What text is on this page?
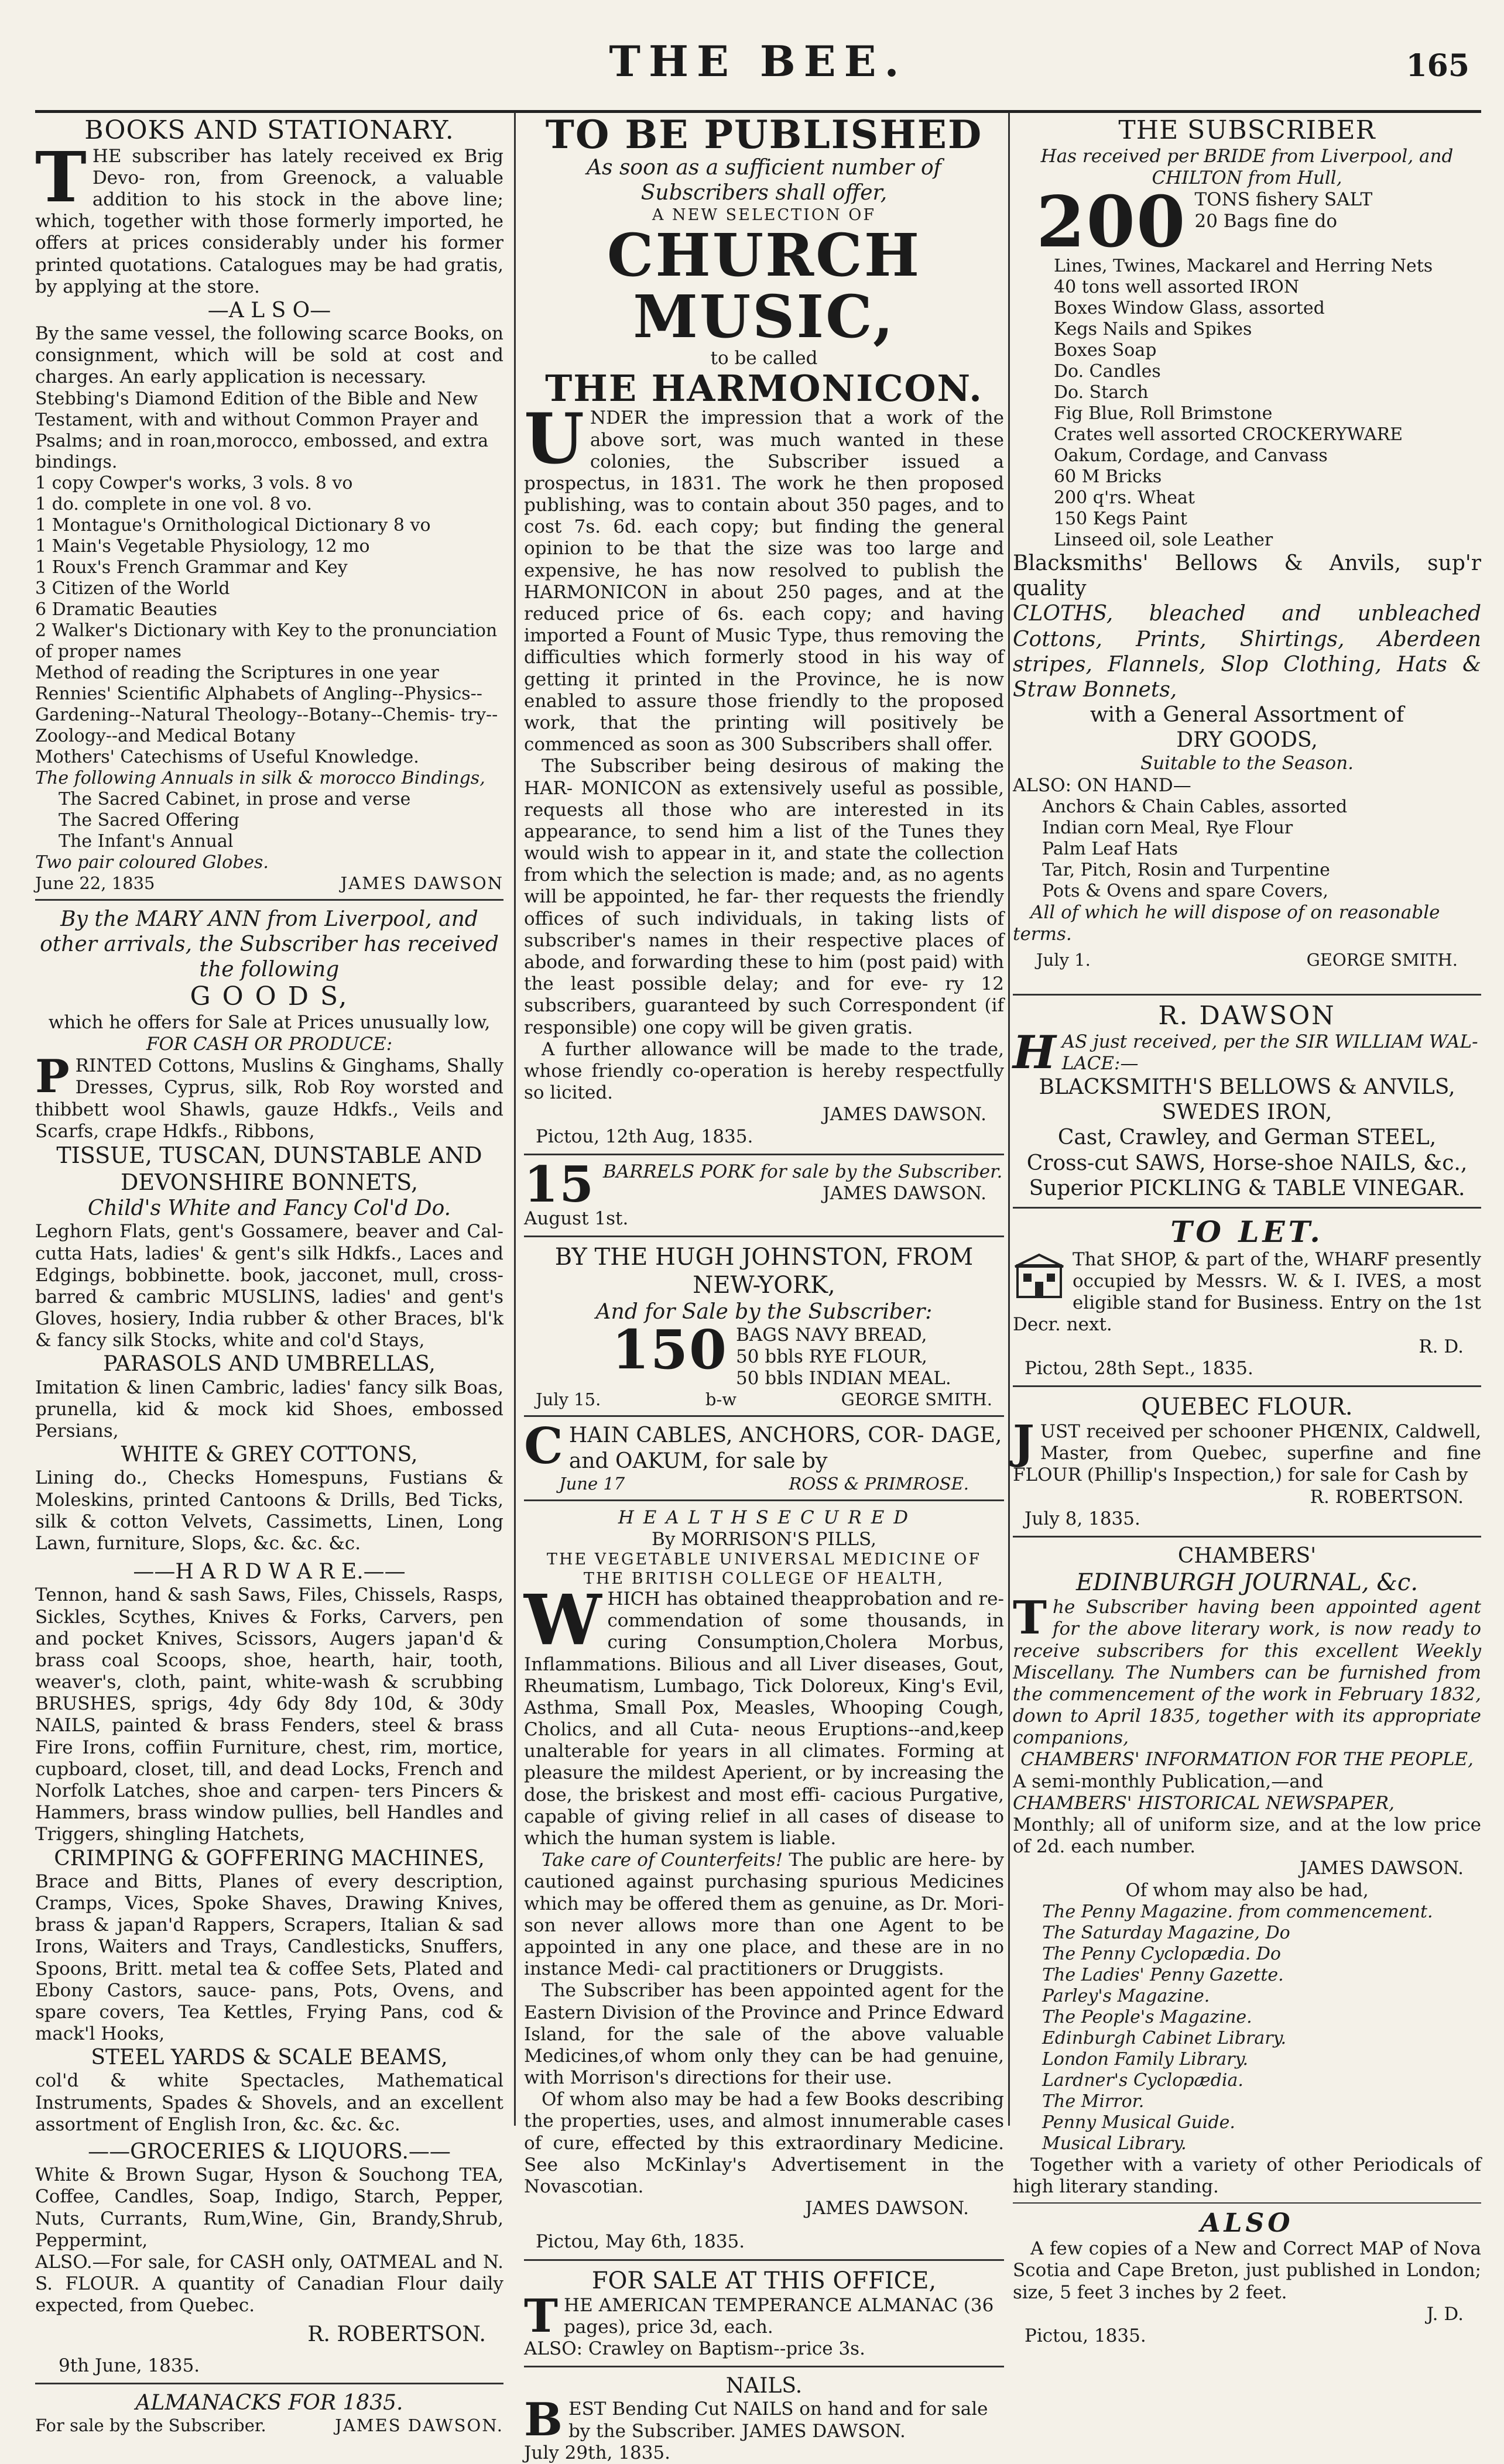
THE BEE.	165
BOOKS AND STATIONARY.

THE subscriber has lately received ex Brig Devo- ron, from Greenock, a valuable addition to his stock in the above line; which, together with those formerly imported, he offers at prices considerably under his former printed quotations. Catalogues may be had gratis, by applying at the store.

—A L S O—

By the same vessel, the following scarce Books, on consignment, which will be sold at cost and charges. An early application is necessary.

Stebbing's Diamond Edition of the Bible and New Testament, with and without Common Prayer and Psalms; and in roan,morocco, embossed, and extra bindings.
1 copy Cowper's works, 3 vols. 8 vo
1 do. complete in one vol. 8 vo.
1 Montague's Ornithological Dictionary 8 vo
1 Main's Vegetable Physiology, 12 mo
1 Roux's French Grammar and Key
3 Citizen of the World
6 Dramatic Beauties
2 Walker's Dictionary with Key to the pronunciation of proper names
Method of reading the Scriptures in one year
Rennies' Scientific Alphabets of Angling--Physics-- Gardening--Natural Theology--Botany--Chemis- try--Zoology--and Medical Botany
Mothers' Catechisms of Useful Knowledge.
The following Annuals in silk & morocco Bindings,
The Sacred Cabinet, in prose and verse
The Sacred Offering
The Infant's Annual
Two pair coloured Globes.
June 22, 1835	JAMES DAWSON

By the MARY ANN from Liverpool, and other arrivals, the Subscriber has received the following

G O O D S,

which he offers for Sale at Prices unusually low,

FOR CASH OR PRODUCE:

PRINTED Cottons, Muslins & Ginghams, Shally Dresses, Cyprus, silk, Rob Roy worsted and thibbett wool Shawls, gauze Hdkfs., Veils and Scarfs, crape Hdkfs., Ribbons,

TISSUE, TUSCAN, DUNSTABLE AND DEVONSHIRE BONNETS,
Child's White and Fancy Col'd Do.

Leghorn Flats, gent's Gossamere, beaver and Cal- cutta Hats, ladies' & gent's silk Hdkfs., Laces and Edgings, bobbinette. book, jacconet, mull, cross- barred & cambric MUSLINS, ladies' and gent's Gloves, hosiery, India rubber & other Braces, bl'k & fancy silk Stocks, white and col'd Stays,

PARASOLS AND UMBRELLAS,

Imitation & linen Cambric, ladies' fancy silk Boas, prunella, kid & mock kid Shoes, embossed Persians,

WHITE & GREY COTTONS,

Lining do., Checks Homespuns, Fustians & Moleskins, printed Cantoons & Drills, Bed Ticks, silk & cotton Velvets, Cassimetts, Linen, Long Lawn, furniture, Slops, &c. &c. &c.

——H A R D W A R E.——

Tennon, hand & sash Saws, Files, Chissels, Rasps, Sickles, Scythes, Knives & Forks, Carvers, pen and pocket Knives, Scissors, Augers japan'd & brass coal Scoops, shoe, hearth, hair, tooth, weaver's, cloth, paint, white-wash & scrubbing BRUSHES, sprigs, 4dy 6dy 8dy 10d, & 30dy NAILS, painted & brass Fenders, steel & brass Fire Irons, coffiin Furniture, chest, rim, mortice, cupboard, closet, till, and dead Locks, French and Norfolk Latches, shoe and carpen- ters Pincers & Hammers, brass window pullies, bell Handles and Triggers, shingling Hatchets,

CRIMPING & GOFFERING MACHINES,

Brace and Bitts, Planes of every description, Cramps, Vices, Spoke Shaves, Drawing Knives, brass & japan'd Rappers, Scrapers, Italian & sad Irons, Waiters and Trays, Candlesticks, Snuffers, Spoons, Britt. metal tea & coffee Sets, Plated and Ebony Castors, sauce- pans, Pots, Ovens, and spare covers, Tea Kettles, Frying Pans, cod & mack'l Hooks,

STEEL YARDS & SCALE BEAMS,

col'd & white Spectacles, Mathematical Instruments, Spades & Shovels, and an excellent assortment of English Iron, &c. &c. &c.

——GROCERIES & LIQUORS.——

White & Brown Sugar, Hyson & Souchong TEA, Coffee, Candles, Soap, Indigo, Starch, Pepper, Nuts, Currants, Rum,Wine, Gin, Brandy,Shrub, Peppermint,

ALSO.—For sale, for CASH only, OATMEAL and N. S. FLOUR. A quantity of Canadian Flour daily expected, from Quebec.

R. ROBERTSON.
9th June, 1835.
ALMANACKS FOR 1835.
For sale by the Subscriber.	JAMES DAWSON.
TO BE PUBLISHED
As soon as a sufficient number of Subscribers shall offer,
A NEW SELECTION OF
CHURCH MUSIC,
to be called
THE HARMONICON.

UNDER the impression that a work of the above sort, was much wanted in these colonies, the Subscriber issued a prospectus, in 1831. The work he then proposed publishing, was to contain about 350 pages, and to cost 7s. 6d. each copy; but finding the general opinion to be that the size was too large and expensive, he has now resolved to publish the HARMONICON in about 250 pages, and at the reduced price of 6s. each copy; and having imported a Fount of Music Type, thus removing the difficulties which formerly stood in his way of getting it printed in the Province, he is now enabled to assure those friendly to the proposed work, that the printing will positively be commenced as soon as 300 Subscribers shall offer.

The Subscriber being desirous of making the HAR- MONICON as extensively useful as possible, requests all those who are interested in its appearance, to send him a list of the Tunes they would wish to appear in it, and state the collection from which the selection is made; and, as no agents will be appointed, he far- ther requests the friendly offices of such individuals, in taking lists of subscriber's names in their respective places of abode, and forwarding these to him (post paid) with the least possible delay; and for eve- ry 12 subscribers, guaranteed by such Correspondent (if responsible) one copy will be given gratis.

A further allowance will be made to the trade, whose friendly co-operation is hereby respectfully so licited.

JAMES DAWSON.
Pictou, 12th Aug, 1835.
15 BARRELS PORK for sale by the Subscriber.

JAMES DAWSON.
August 1st.
BY THE HUGH JOHNSTON, FROM NEW-YORK,
And for Sale by the Subscriber:
150 BAGS NAVY BREAD,
50 bbls RYE FLOUR,
50 bbls INDIAN MEAL.
July 15.	b-w	GEORGE SMITH.

CHAIN CABLES, ANCHORS, COR- DAGE, and OAKUM, for sale by

June 17	ROSS & PRIMROSE.
H E A L T H S E C U R E D
By MORRISON'S PILLS,
THE VEGETABLE UNIVERSAL MEDICINE OF THE BRITISH COLLEGE OF HEALTH,

WHICH has obtained theapprobation and re- commendation of some thousands, in curing Consumption,Cholera Morbus, Inflammations. Bilious and all Liver diseases, Gout, Rheumatism, Lumbago, Tick Doloreux, King's Evil, Asthma, Small Pox, Measles, Whooping Cough, Cholics, and all Cuta- neous Eruptions--and,keep unalterable for years in all climates. Forming at pleasure the mildest Aperient, or by increasing the dose, the briskest and most effi- cacious Purgative, capable of giving relief in all cases of disease to which the human system is liable.

Take care of Counterfeits! The public are here- by cautioned against purchasing spurious Medicines which may be offered them as genuine, as Dr. Mori- son never allows more than one Agent to be appointed in any one place, and these are in no instance Medi- cal practitioners or Druggists.

The Subscriber has been appointed agent for the Eastern Division of the Province and Prince Edward Island, for the sale of the above valuable Medicines,of whom only they can be had genuine, with Morrison's directions for their use.

Of whom also may be had a few Books describing the properties, uses, and almost innumerable cases of cure, effected by this extraordinary Medicine. See also McKinlay's Advertisement in the Novascotian.

JAMES DAWSON.
Pictou, May 6th, 1835.
FOR SALE AT THIS OFFICE,

THE AMERICAN TEMPERANCE ALMANAC (36 pages), price 3d, each.

ALSO: Crawley on Baptism--price 3s.

NAILS.

BEST Bending Cut NAILS on hand and for sale by the Subscriber. JAMES DAWSON.

July 29th, 1835.
THE SUBSCRIBER

Has received per BRIDE from Liverpool, and CHILTON from Hull,

200 TONS fishery SALT
20 Bags fine do
Lines, Twines, Mackarel and Herring Nets
40 tons well assorted IRON
Boxes Window Glass, assorted
Kegs Nails and Spikes
Boxes Soap
Do. Candles
Do. Starch
Fig Blue, Roll Brimstone
Crates well assorted CROCKERYWARE
Oakum, Cordage, and Canvass
60 M Bricks
200 q'rs. Wheat
150 Kegs Paint
Linseed oil, sole Leather

Blacksmiths' Bellows & Anvils, sup'r quality

CLOTHS, bleached and unbleached Cottons, Prints, Shirtings, Aberdeen stripes, Flannels, Slop Clothing, Hats & Straw Bonnets,

with a General Assortment of
DRY GOODS,
Suitable to the Season.
ALSO: ON HAND—
Anchors & Chain Cables, assorted
Indian corn Meal, Rye Flour
Palm Leaf Hats
Tar, Pitch, Rosin and Turpentine
Pots & Ovens and spare Covers,

All of which he will dispose of on reasonable terms.

July 1.	GEORGE SMITH.
R. DAWSON

HAS just received, per the SIR WILLIAM WAL- LACE:—

BLACKSMITH'S BELLOWS & ANVILS,
SWEDES IRON,
Cast, Crawley, and German STEEL,
Cross-cut SAWS, Horse-shoe NAILS, &c.,
Superior PICKLING & TABLE VINEGAR.
TO LET.

That SHOP, & part of the, WHARF presently occupied by Messrs. W. & I. IVES, a most eligible stand for Business. Entry on the 1st Decr. next.

R. D.
Pictou, 28th Sept., 1835.
QUEBEC FLOUR.

JUST received per schooner PHŒNIX, Caldwell, Master, from Quebec, superfine and fine FLOUR (Phillip's Inspection,) for sale for Cash by

R. ROBERTSON.
July 8, 1835.
CHAMBERS'
EDINBURGH JOURNAL, &c.

The Subscriber having been appointed agent for the above literary work, is now ready to receive subscribers for this excellent Weekly Miscellany. The Numbers can be furnished from the commencement of the work in February 1832, down to April 1835, together with its appropriate companions,

CHAMBERS' INFORMATION FOR THE PEOPLE,
A semi-monthly Publication,—and
CHAMBERS' HISTORICAL NEWSPAPER,

Monthly; all of uniform size, and at the low price of 2d. each number.

JAMES DAWSON.
Of whom may also be had,
The Penny Magazine. from commencement.
The Saturday Magazine, Do
The Penny Cyclopædia. Do
The Ladies' Penny Gazette.
Parley's Magazine.
The People's Magazine.
Edinburgh Cabinet Library.
London Family Library.
Lardner's Cyclopædia.
The Mirror.
Penny Musical Guide.
Musical Library.

Together with a variety of other Periodicals of high literary standing.

ALSO

A few copies of a New and Correct MAP of Nova Scotia and Cape Breton, just published in London; size, 5 feet 3 inches by 2 feet.

J. D.
Pictou, 1835.
